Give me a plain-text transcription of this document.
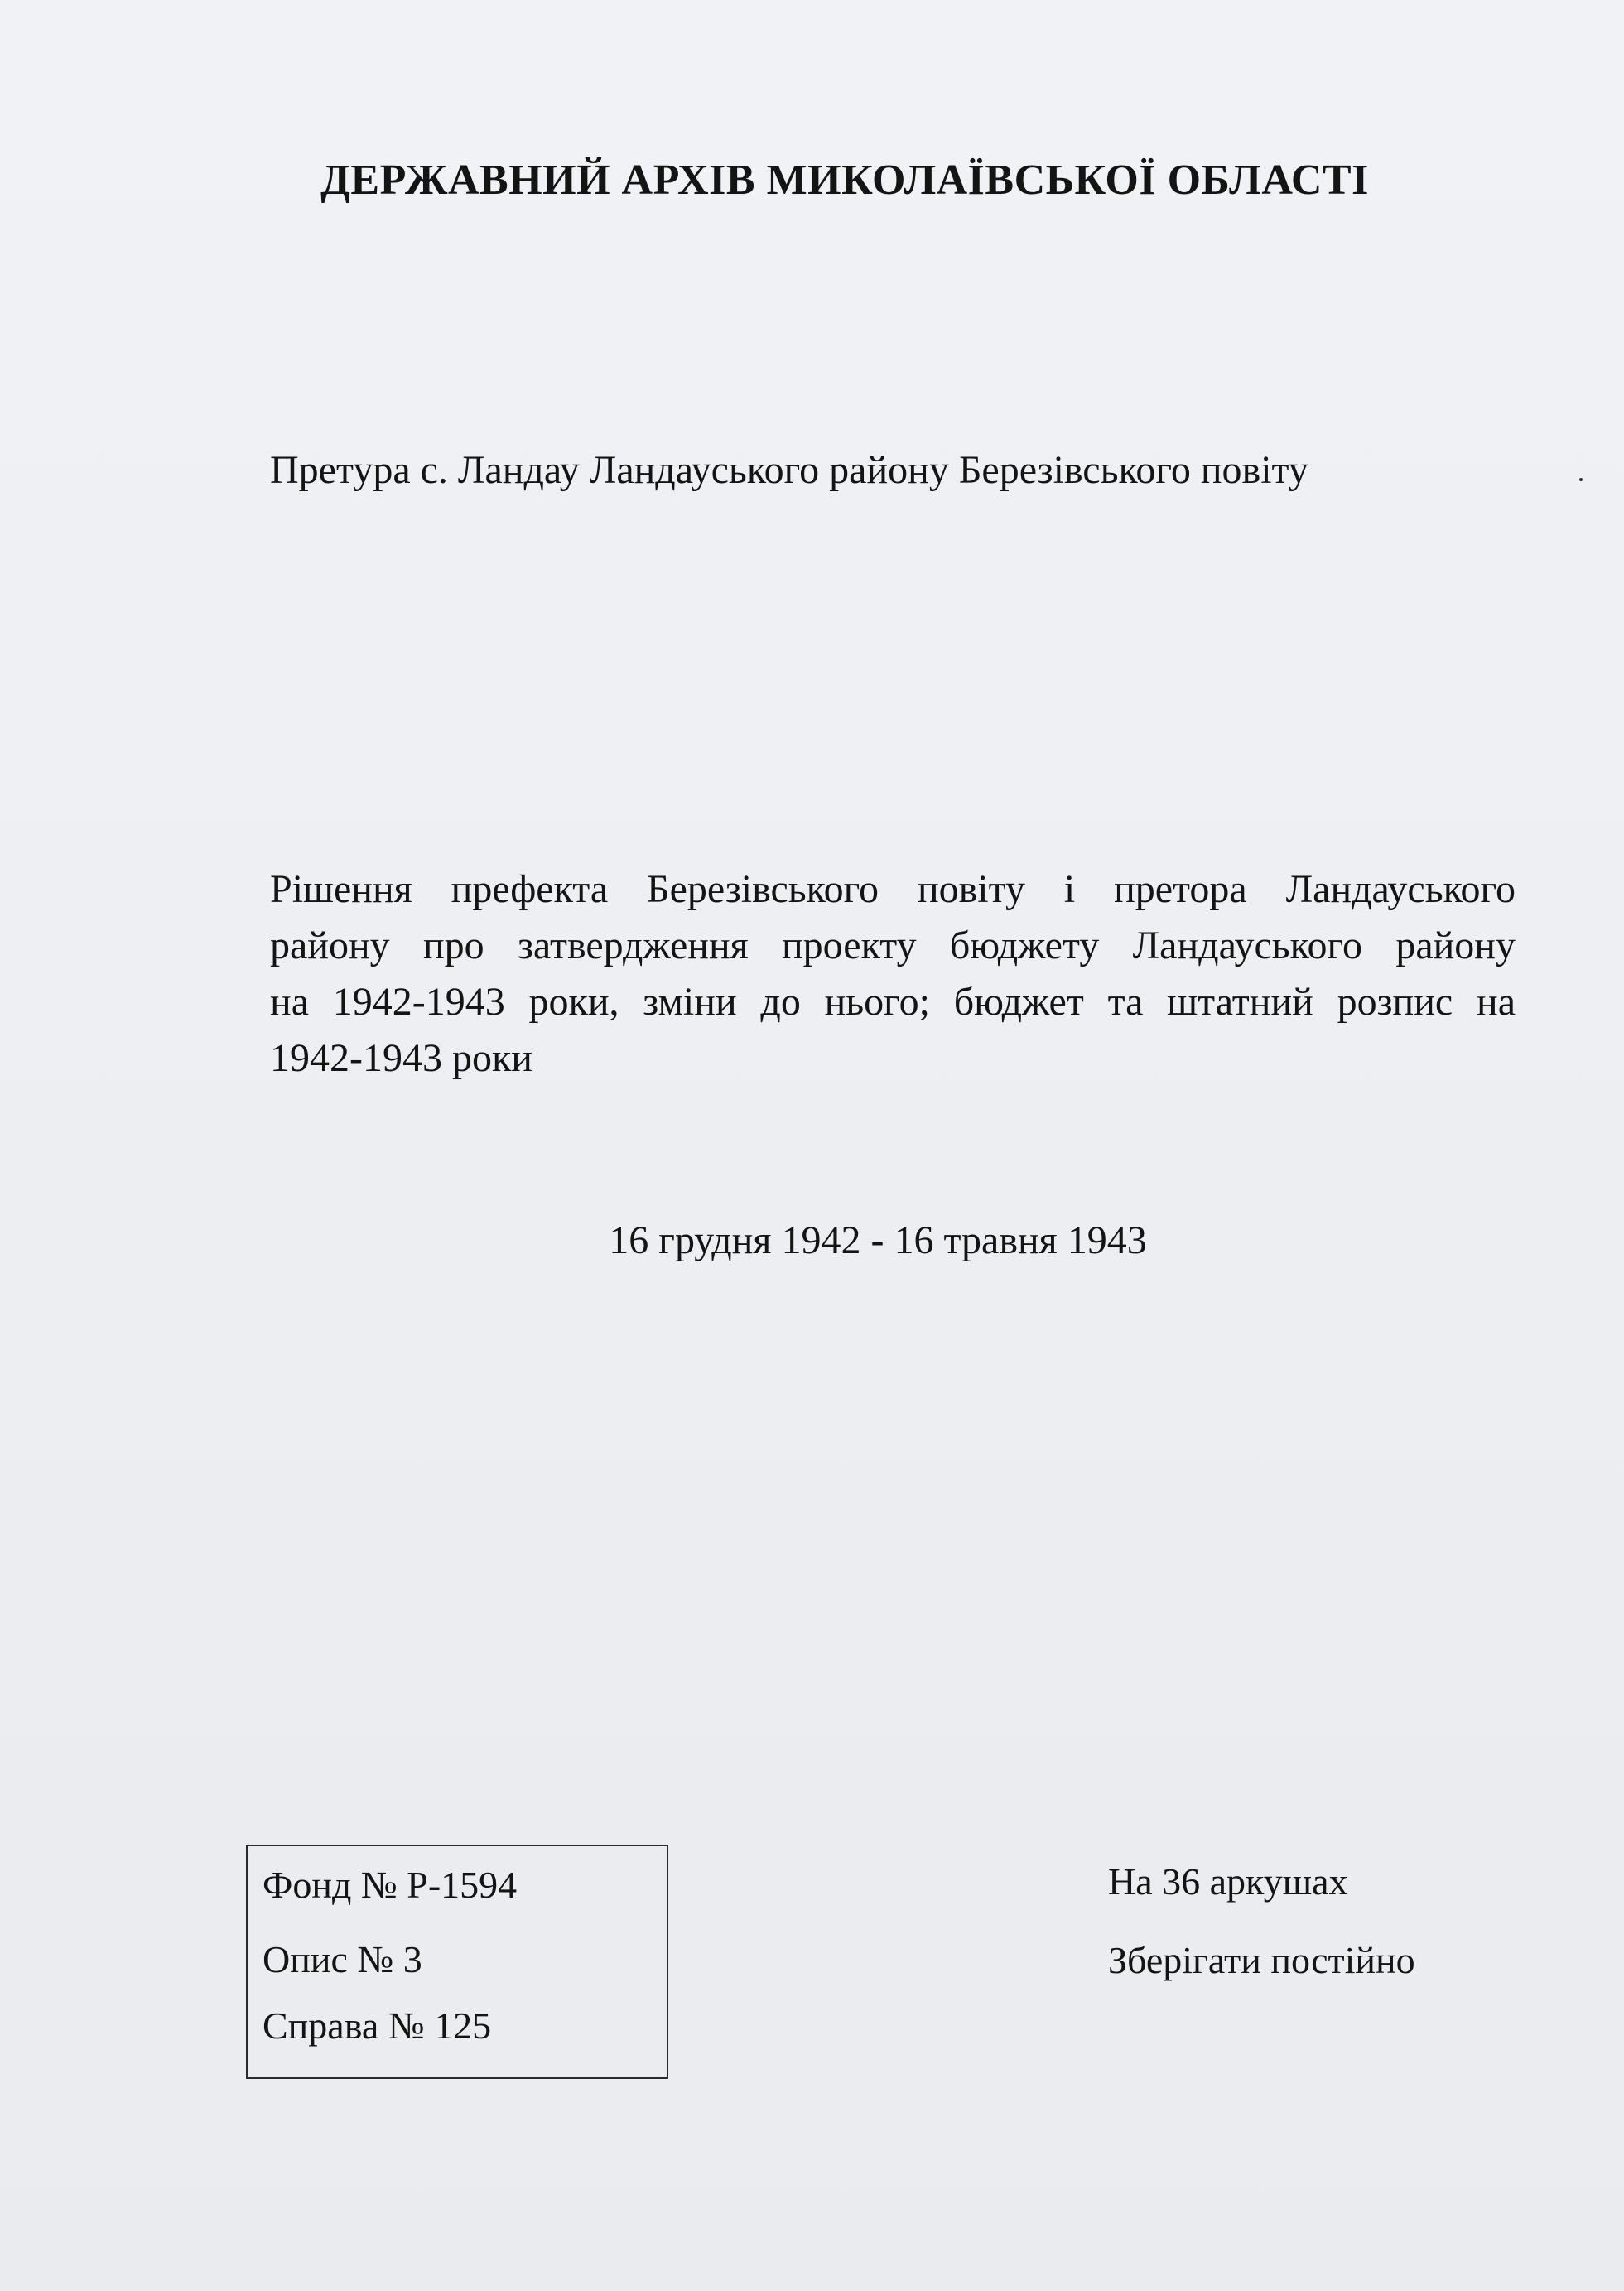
ДЕРЖАВНИЙ АРХІВ МИКОЛАЇВСЬКОЇ ОБЛАСТІ
Претура с. Ландау Ландауського району Березівського повіту

Рішення префекта Березівського повіту і претора Ландауського

району про затвердження проекту бюджету Ландауського району

на 1942-1943 роки, зміни до нього; бюджет та штатний розпис на

1942-1943 роки

16 грудня 1942 - 16 травня 1943
Фонд № Р-1594
Опис № 3
Справа № 125
На 36 аркушах
Зберігати постійно
